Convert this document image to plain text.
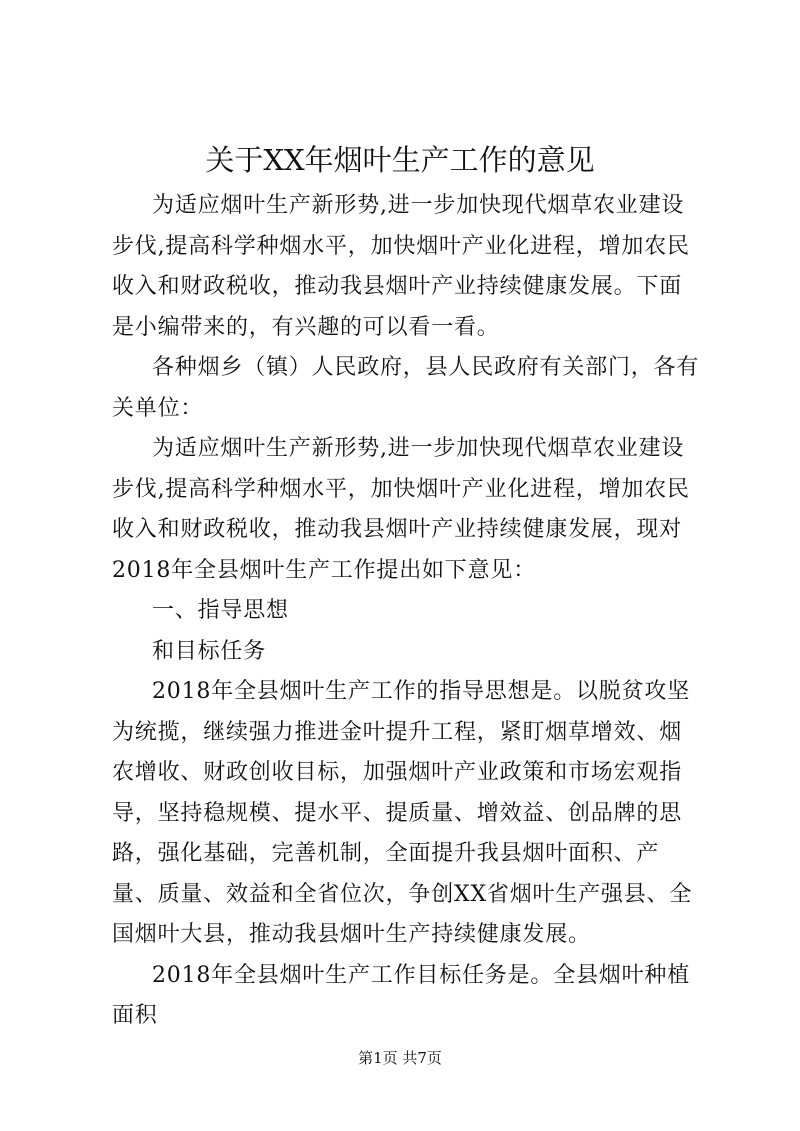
关于XX年烟叶生产工作的意见

为适应烟叶生产新形势,进一步加快现代烟草农业建设步伐,提高科学种烟水平，加快烟叶产业化进程，增加农民收入和财政税收，推动我县烟叶产业持续健康发展。下面是小编带来的，有兴趣的可以看一看。

各种烟乡（镇）人民政府，县人民政府有关部门，各有关单位：

为适应烟叶生产新形势,进一步加快现代烟草农业建设步伐,提高科学种烟水平，加快烟叶产业化进程，增加农民收入和财政税收，推动我县烟叶产业持续健康发展，现对2018年全县烟叶生产工作提出如下意见：

一、指导思想

和目标任务

2018年全县烟叶生产工作的指导思想是。以脱贫攻坚为统揽，继续强力推进金叶提升工程，紧盯烟草增效、烟农增收、财政创收目标，加强烟叶产业政策和市场宏观指导，坚持稳规模、提水平、提质量、增效益、创品牌的思路，强化基础，完善机制，全面提升我县烟叶面积、产量、质量、效益和全省位次，争创XX省烟叶生产强县、全国烟叶大县，推动我县烟叶生产持续健康发展。

2018年全县烟叶生产工作目标任务是。全县烟叶种植面积

第1页 共7页
